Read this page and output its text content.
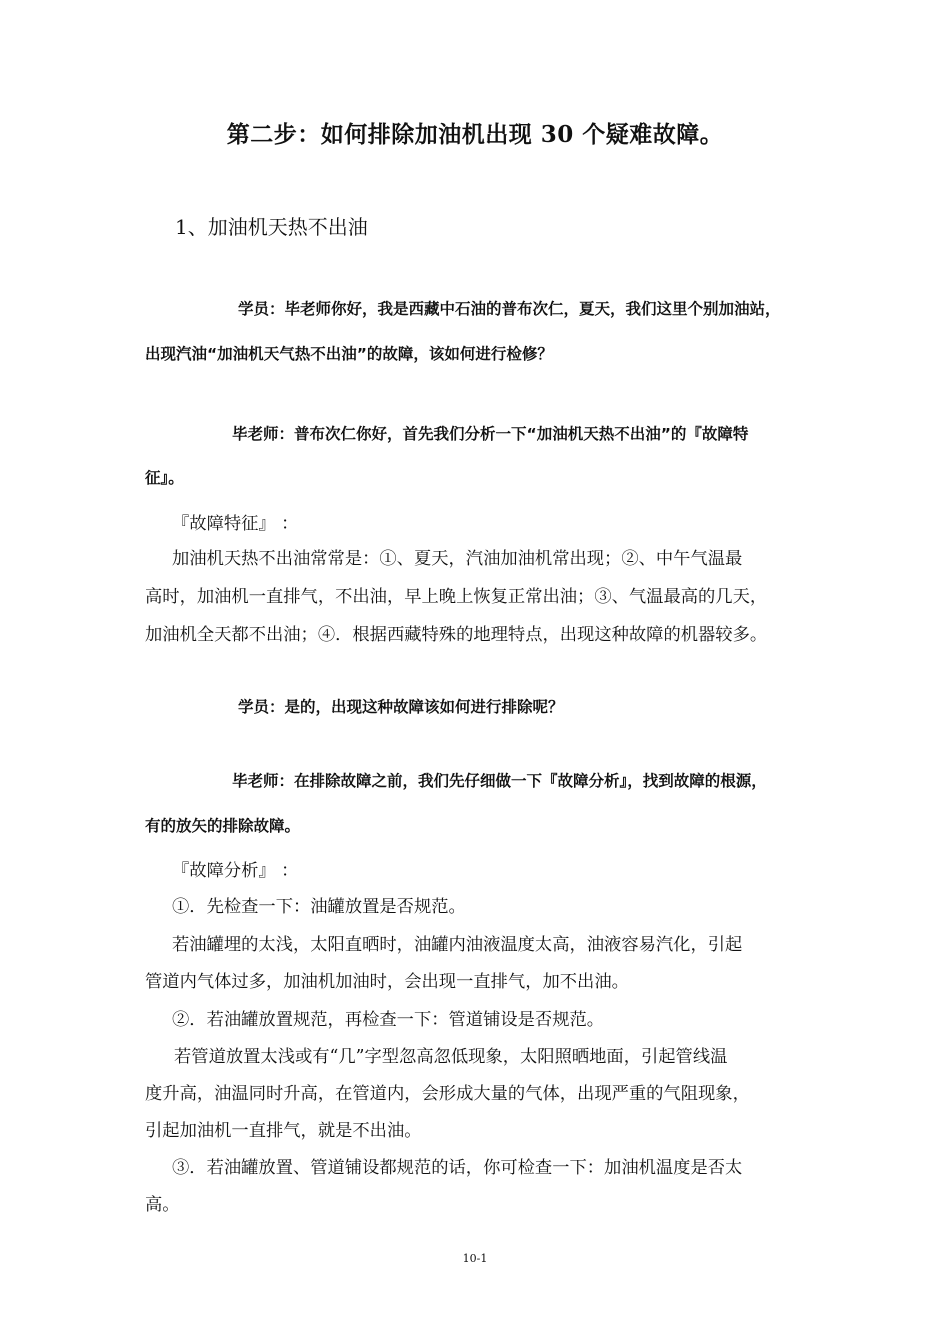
第二步：如何排除加油机出现 30 个疑难故障。
1、加油机天热不出油
学员：毕老师你好，我是西藏中石油的普布次仁，夏天，我们这里个别加油站，
出现汽油“加油机天气热不出油”的故障，该如何进行检修？
毕老师：普布次仁你好，首先我们分析一下“加油机天热不出油”的『故障特
征』。
『故障特征』 ：
加油机天热不出油常常是：①、夏天，汽油加油机常出现；②、中午气温最
高时，加油机一直排气，不出油，早上晚上恢复正常出油；③、气温最高的几天，
加油机全天都不出油；④．根据西藏特殊的地理特点，出现这种故障的机器较多。
学员：是的，出现这种故障该如何进行排除呢？
毕老师：在排除故障之前，我们先仔细做一下『故障分析』，找到故障的根源，
有的放矢的排除故障。
『故障分析』 ：
①．先检查一下：油罐放置是否规范。
若油罐埋的太浅，太阳直晒时，油罐内油液温度太高，油液容易汽化，引起
管道内气体过多，加油机加油时，会出现一直排气，加不出油。
②．若油罐放置规范，再检查一下：管道铺设是否规范。
若管道放置太浅或有“几”字型忽高忽低现象，太阳照晒地面，引起管线温
度升高，油温同时升高，在管道内，会形成大量的气体，出现严重的气阻现象，
引起加油机一直排气，就是不出油。
③．若油罐放置、管道铺设都规范的话，你可检查一下：加油机温度是否太
高。
10-1
